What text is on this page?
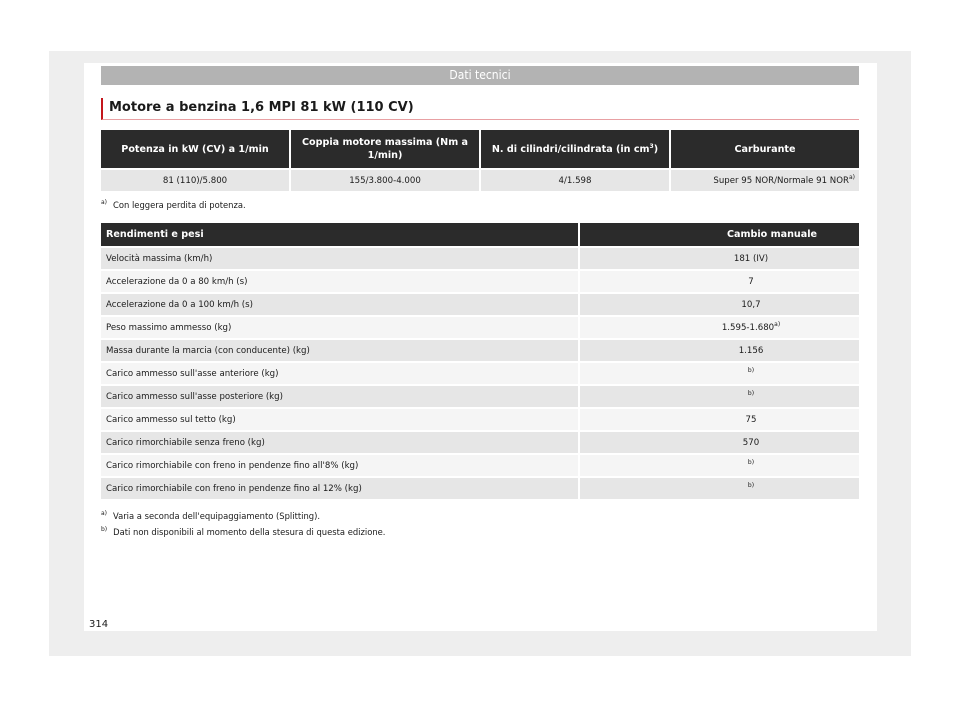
Dati tecnici
Motore a benzina 1,6 MPI 81 kW (110 CV)
Potenza in kW (CV) a 1/min	Coppia motore massima (Nm a 1/min)	N. di cilindri/cilindrata (in $cm^3$)	Carburante
81 (110)/5.800	155/3.800-4.000	4/1.598	Super 95 NOR/Normale 91 NOR$^{a)}$
$^{a)}$ Con leggera perdita di potenza.
Rendimenti e pesi	Cambio manuale
Velocità massima (km/h)	181 (IV)
Accelerazione da 0 a 80 km/h (s)	7
Accelerazione da 0 a 100 km/h (s)	10,7
Peso massimo ammesso (kg)	1.595-1.680$^{a)}$
Massa durante la marcia (con conducente) (kg)	1.156
Carico ammesso sull'asse anteriore (kg)	$^{b)}$
Carico ammesso sull'asse posteriore (kg)	$^{b)}$
Carico ammesso sul tetto (kg)	75
Carico rimorchiabile senza freno (kg)	570
Carico rimorchiabile con freno in pendenze fino all'8% (kg)	$^{b)}$
Carico rimorchiabile con freno in pendenze fino al 12% (kg)	$^{b)}$
$^{a)}$ Varia a seconda dell'equipaggiamento (Splitting).
$^{b)}$ Dati non disponibili al momento della stesura di questa edizione.
314
